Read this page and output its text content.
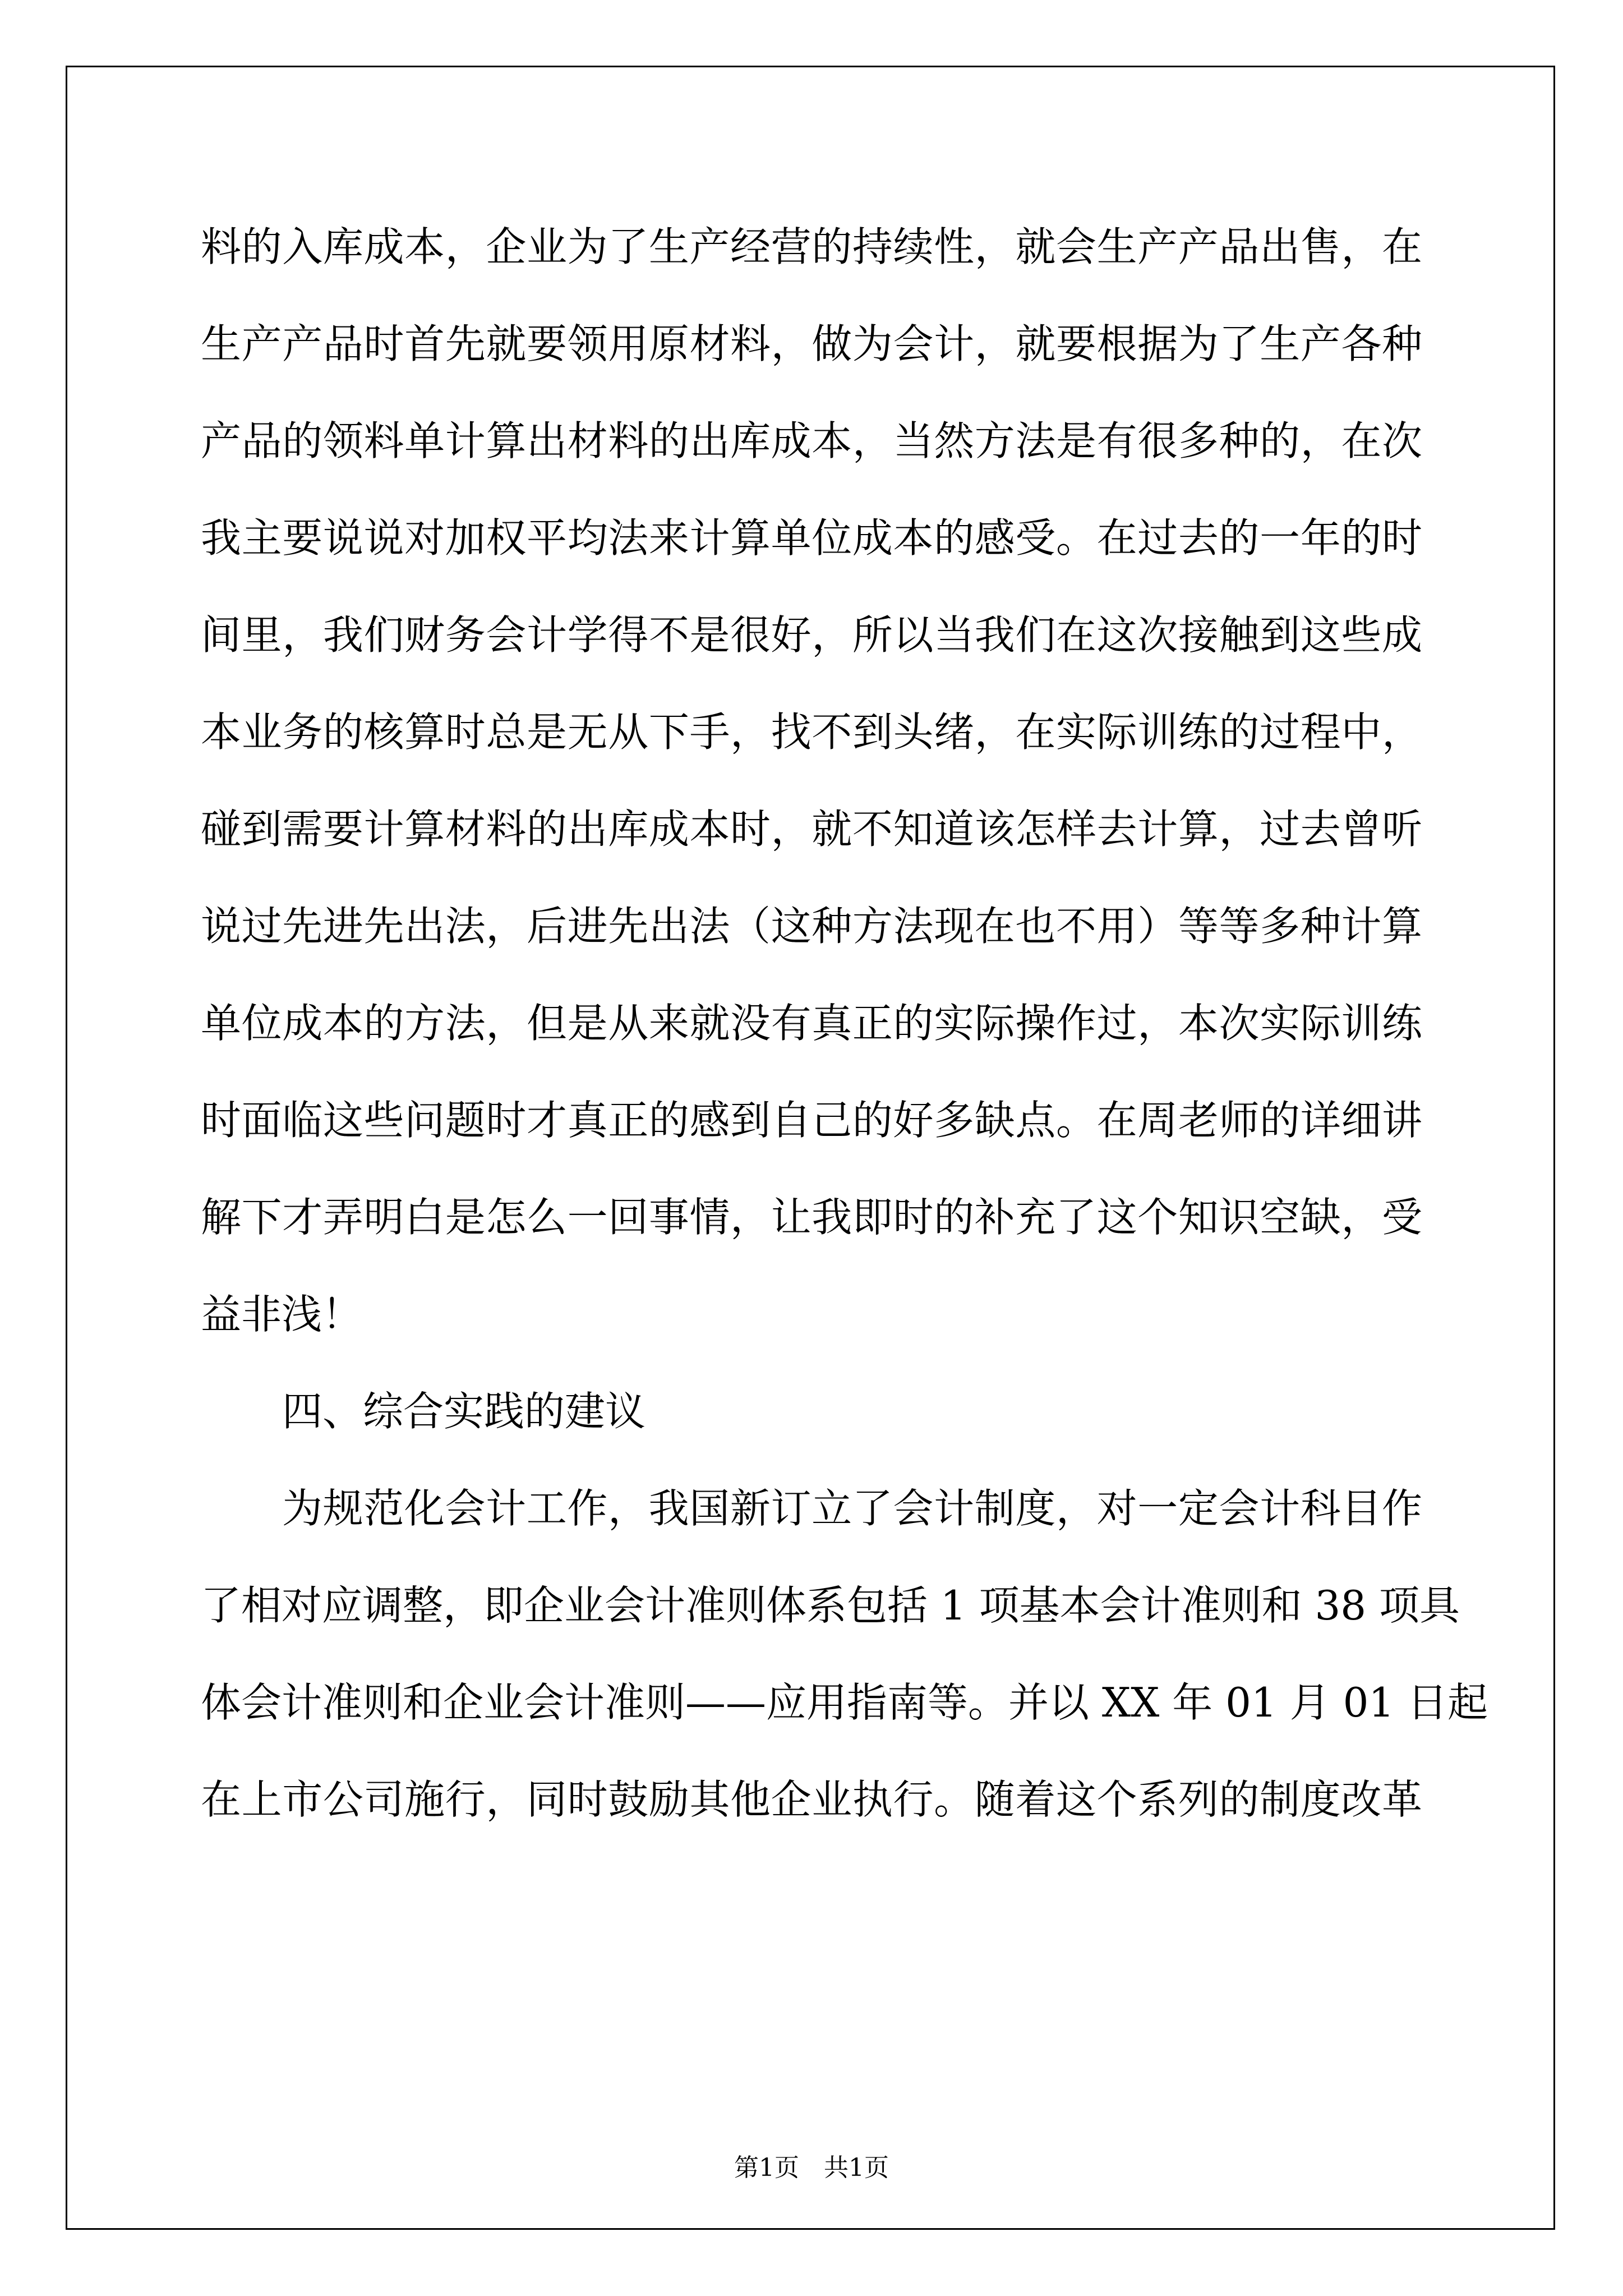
料的入库成本，企业为了生产经营的持续性，就会生产产品出售，在
生产产品时首先就要领用原材料，做为会计，就要根据为了生产各种
产品的领料单计算出材料的出库成本，当然方法是有很多种的，在次
我主要说说对加权平均法来计算单位成本的感受。在过去的一年的时
间里，我们财务会计学得不是很好，所以当我们在这次接触到这些成
本业务的核算时总是无从下手，找不到头绪，在实际训练的过程中，
碰到需要计算材料的出库成本时，就不知道该怎样去计算，过去曾听
说过先进先出法，后进先出法（这种方法现在也不用）等等多种计算
单位成本的方法，但是从来就没有真正的实际操作过，本次实际训练
时面临这些问题时才真正的感到自己的好多缺点。在周老师的详细讲
解下才弄明白是怎么一回事情，让我即时的补充了这个知识空缺，受
益非浅！
四、综合实践的建议
为规范化会计工作，我国新订立了会计制度，对一定会计科目作
了相对应调整，即企业会计准则体系包括 1 项基本会计准则和 38 项具
体会计准则和企业会计准则——应用指南等。并以 XX 年 01 月 01 日起
在上市公司施行，同时鼓励其他企业执行。随着这个系列的制度改革
第1页　共1页
